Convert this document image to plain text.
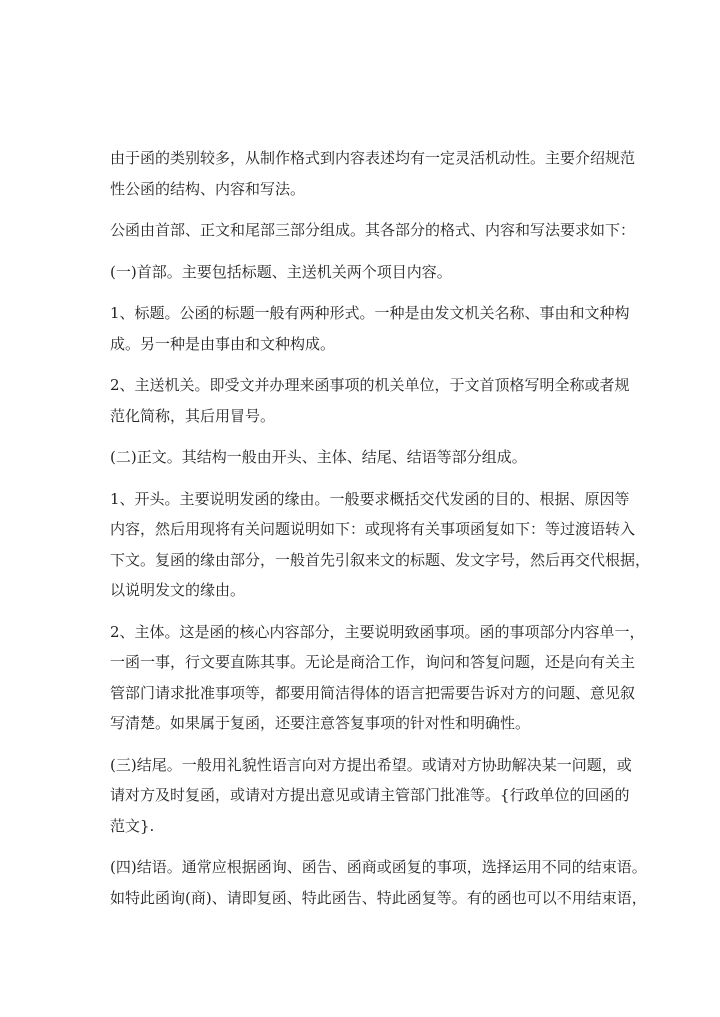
由于函的类别较多，从制作格式到内容表述均有一定灵活机动性。主要介绍规范
性公函的结构、内容和写法。
公函由首部、正文和尾部三部分组成。其各部分的格式、内容和写法要求如下：
(一)首部。主要包括标题、主送机关两个项目内容。
1、标题。公函的标题一般有两种形式。一种是由发文机关名称、事由和文种构
成。另一种是由事由和文种构成。
2、主送机关。即受文并办理来函事项的机关单位，于文首顶格写明全称或者规
范化简称，其后用冒号。
(二)正文。其结构一般由开头、主体、结尾、结语等部分组成。
1、开头。主要说明发函的缘由。一般要求概括交代发函的目的、根据、原因等
内容，然后用现将有关问题说明如下：或现将有关事项函复如下：等过渡语转入
下文。复函的缘由部分，一般首先引叙来文的标题、发文字号，然后再交代根据，
以说明发文的缘由。
2、主体。这是函的核心内容部分，主要说明致函事项。函的事项部分内容单一，
一函一事，行文要直陈其事。无论是商洽工作，询问和答复问题，还是向有关主
管部门请求批准事项等，都要用简洁得体的语言把需要告诉对方的问题、意见叙
写清楚。如果属于复函，还要注意答复事项的针对性和明确性。
(三)结尾。一般用礼貌性语言向对方提出希望。或请对方协助解决某一问题，或
请对方及时复函，或请对方提出意见或请主管部门批准等。{行政单位的回函的
范文}.
(四)结语。通常应根据函询、函告、函商或函复的事项，选择运用不同的结束语。
如特此函询(商)、请即复函、特此函告、特此函复等。有的函也可以不用结束语，
